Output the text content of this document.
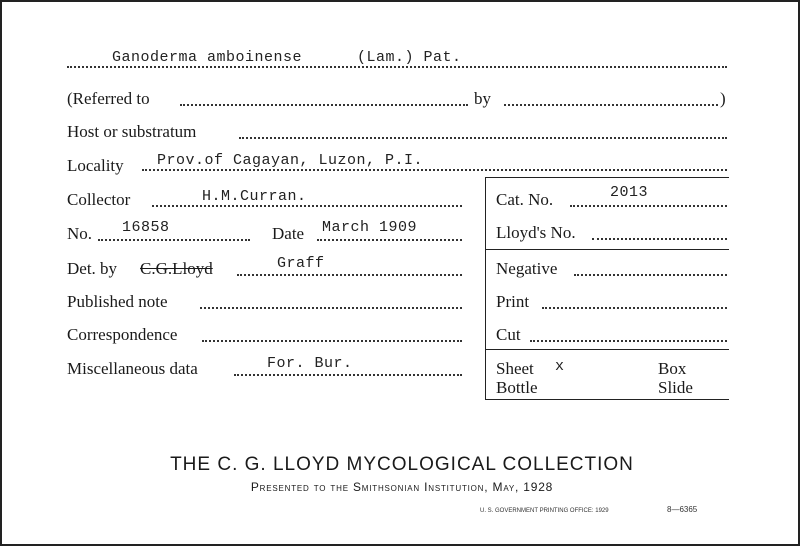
Ganoderma amboinense	(Lam.) Pat.
(Referred to	by	)
Host or substratum
Locality Prov.of Cagayan, Luzon, P.I.
Cat. No.	2013
Lloyd's No.
Negative
Print
Cut
Sheet x	Box
Bottle	Slide
Collector	H.M.Curran.
No. 16858	Date March 1909
Det. by C.G.Lloyd	Graff
Published note
Correspondence
Miscellaneous data	For. Bur.
THE C. G. LLOYD MYCOLOGICAL COLLECTION
Presented to the Smithsonian Institution, May, 1928
U. S. GOVERNMENT PRINTING OFFICE: 1929	8—6365
